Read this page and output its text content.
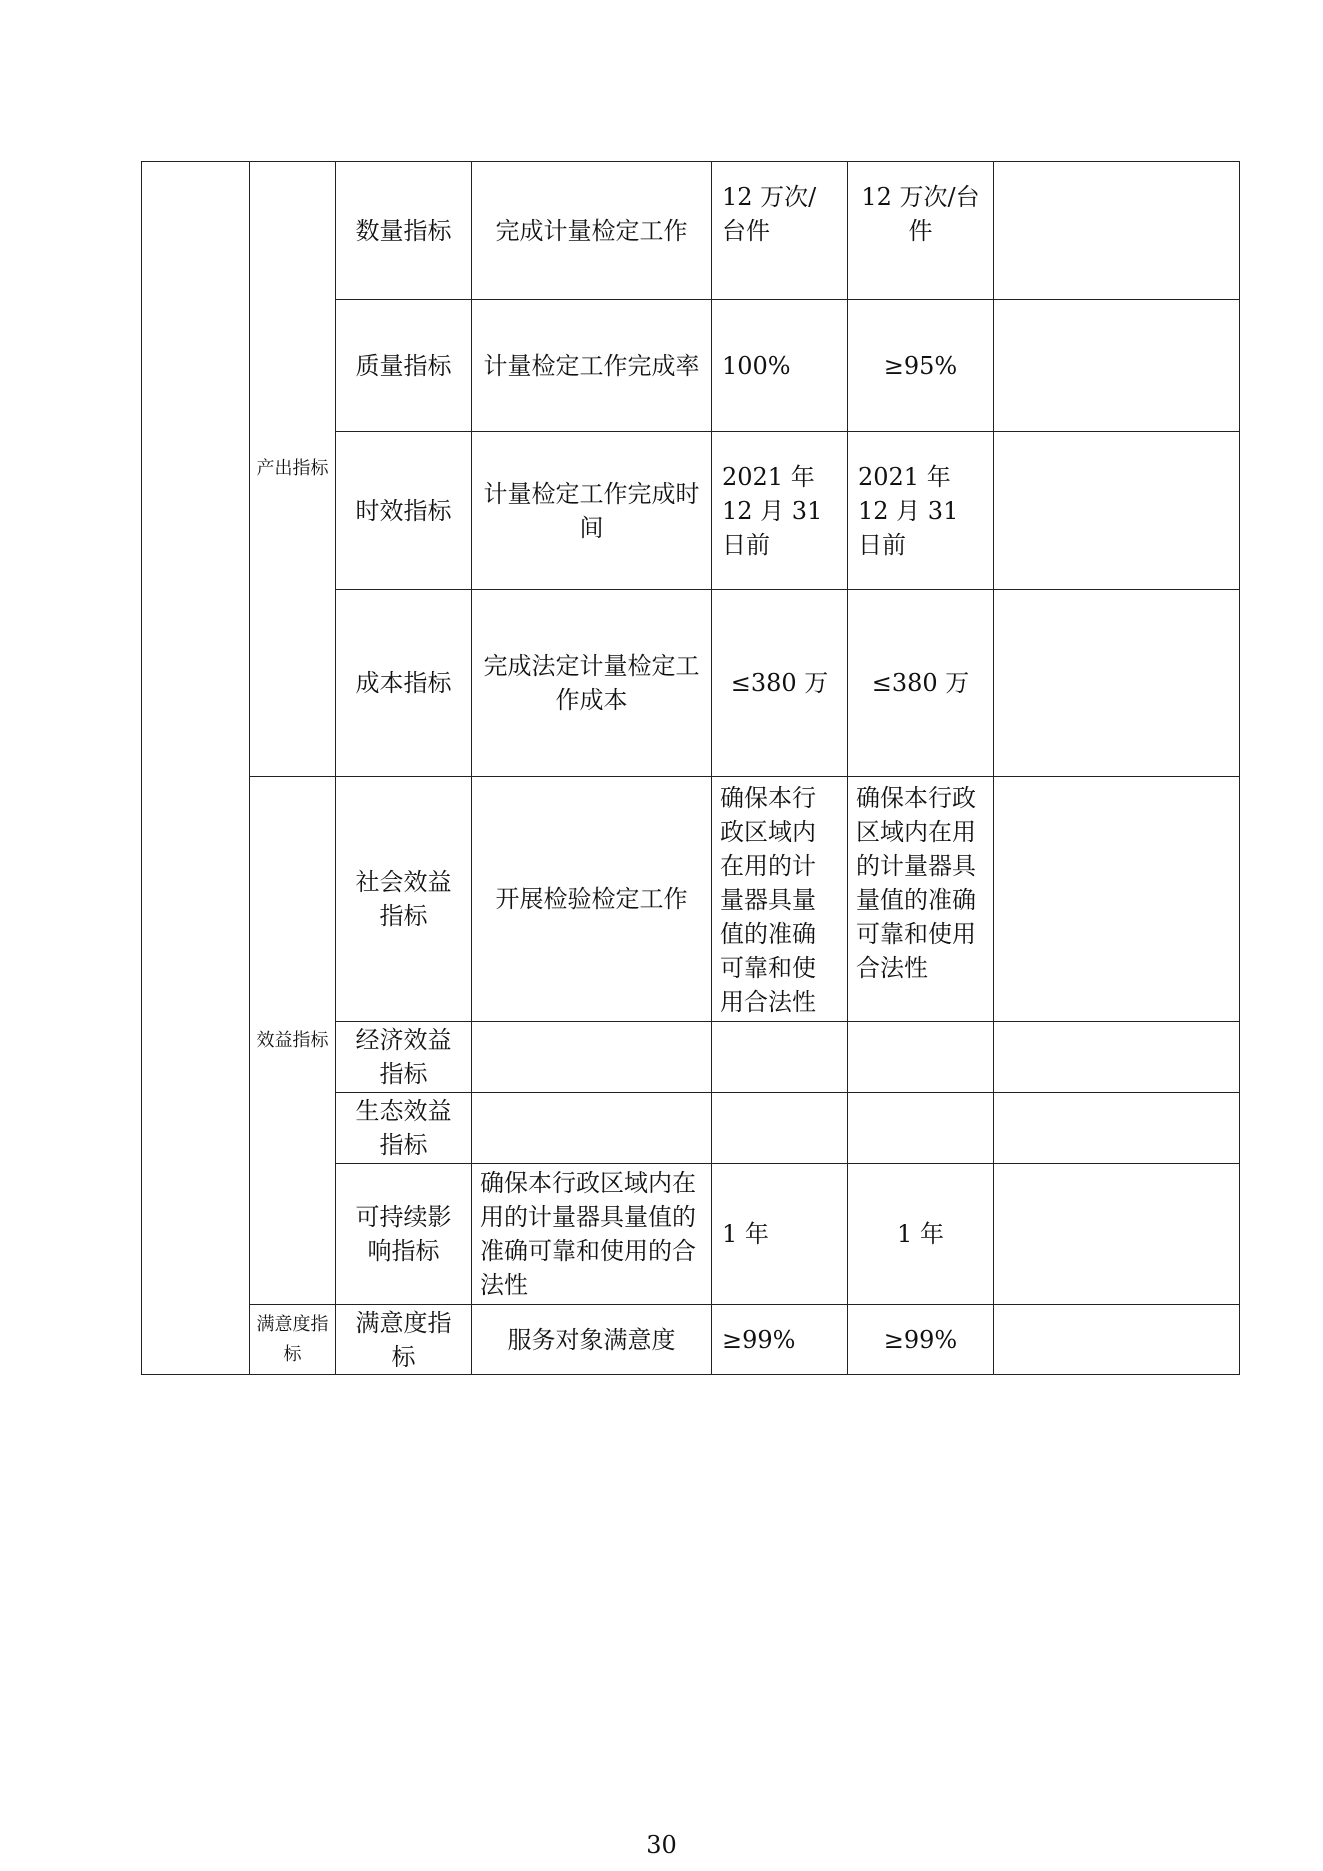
	产出指标	数量指标	完成计量检定工作	12 万次/台件	12 万次/台件	
		质量指标	计量检定工作完成率	100%	≥95%	
		时效指标	计量检定工作完成时间	2021 年 12 月 31 日前	2021 年 12 月 31 日前	
		成本指标	完成法定计量检定工作成本	≤380 万	≤380 万	
	效益指标	社会效益指标	开展检验检定工作	确保本行政区域内在用的计量器具量值的准确可靠和使用合法性	确保本行政区域内在用的计量器具量值的准确可靠和使用合法性	
		经济效益指标				
		生态效益指标				
		可持续影响指标	确保本行政区域内在用的计量器具量值的准确可靠和使用的合法性	1 年	1 年	
	满意度指标	满意度指标	服务对象满意度	≥99%	≥99%	
30
